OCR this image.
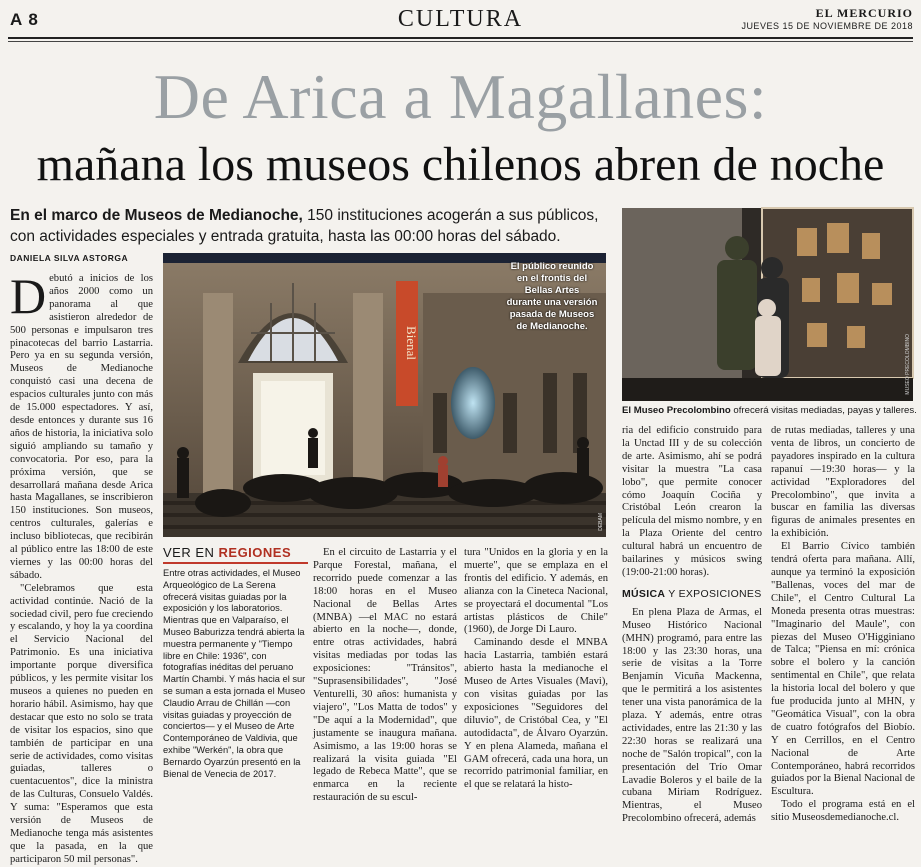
A 8	CULTURA	EL MERCURIO
JUEVES 15 DE NOVIEMBRE DE 2018
De Arica a Magallanes:
mañana los museos chilenos abren de noche
En el marco de Museos de Medianoche, 150 instituciones acogerán a sus públicos, con actividades especiales y entrada gratuita, hasta las 00:00 horas del sábado.
DANIELA SILVA ASTORGA

Debutó a inicios de los años 2000 como un panorama al que asistieron alrededor de 500 personas e impulsaron tres pinacotecas del barrio Lastarria. Pero ya en su segunda versión, Museos de Medianoche conquistó casi una decena de espacios culturales junto con más de 15.000 espectadores. Y así, desde entonces y durante sus 16 años de historia, la iniciativa solo siguió ampliando su tamaño y convocatoria. Por eso, para la próxima versión, que se desarrollará mañana desde Arica hasta Magallanes, se inscribieron 150 instituciones. Son museos, centros culturales, galerías e incluso bibliotecas, que recibirán al público entre las 18:00 de este viernes y las 00:00 horas del sábado.

"Celebramos que esta actividad continúe. Nació de la sociedad civil, pero fue creciendo y escalando, y hoy la ya coordina el Servicio Nacional del Patrimonio. Es una iniciativa importante porque diversifica públicos, y les permite visitar los museos a quienes no pueden en horario hábil. Asimismo, hay que destacar que esto no solo se trata de visitar los espacios, sino que también de participar en una serie de actividades, como visitas guiadas, talleres o cuentacuentos", dice la ministra de las Culturas, Consuelo Valdés. Y suma: "Esperamos que esta versión de Museos de Medianoche tenga más asistentes que la pasada, en la que participaron 50 mil personas".

Bienal
El público reunido en el frontis del Bellas Artes durante una versión pasada de Museos de Medianoche.
DEBAM
VER EN REGIONES
Entre otras actividades, el Museo Arqueológico de La Serena ofrecerá visitas guiadas por la exposición y los laboratorios. Mientras que en Valparaíso, el Museo Baburizza tendrá abierta la muestra permanente y "Tiempo libre en Chile: 1936", con fotografías inéditas del peruano Martín Chambi. Y más hacia el sur se suman a esta jornada el Museo Claudio Arrau de Chillán —con visitas guiadas y proyección de conciertos— y el Museo de Arte Contemporáneo de Valdivia, que exhibe "Werkén", la obra que Bernardo Oyarzún presentó en la Bienal de Venecia de 2017.

En el circuito de Lastarria y el Parque Forestal, mañana, el recorrido puede comenzar a las 18:00 horas en el Museo Nacional de Bellas Artes (MNBA) —el MAC no estará abierto en la noche—, donde, entre otras actividades, habrá visitas mediadas por todas las exposiciones: "Tránsitos", "Suprasensibilidades", "José Venturelli, 30 años: humanista y viajero", "Los Matta de todos" y "De aquí a la Modernidad", que justamente se inaugura mañana. Asimismo, a las 19:00 horas se realizará la visita guiada "El legado de Rebeca Matte", que se enmarca en la reciente restauración de su escul-

tura "Unidos en la gloria y en la muerte", que se emplaza en el frontis del edificio. Y además, en alianza con la Cineteca Nacional, se proyectará el documental "Los artistas plásticos de Chile" (1960), de Jorge Di Lauro.

Caminando desde el MNBA hacia Lastarria, también estará abierto hasta la medianoche el Museo de Artes Visuales (Mavi), con visitas guiadas por las exposiciones "Seguidores del diluvio", de Cristóbal Cea, y "El autodidacta", de Álvaro Oyarzún. Y en plena Alameda, mañana el GAM ofrecerá, cada una hora, un recorrido patrimonial familiar, en el que se relatará la histo-

MUSEO PRECOLOMBINO
El Museo Precolombino ofrecerá visitas mediadas, payas y talleres.

ria del edificio construido para la Unctad III y de su colección de arte. Asimismo, ahí se podrá visitar la muestra "La casa lobo", que permite conocer cómo Joaquín Cociña y Cristóbal León crearon la película del mismo nombre, y en la Plaza Oriente del centro cultural habrá un encuentro de bailarines y músicos swing (19:00-21:00 horas).

MÚSICA Y EXPOSICIONES

En plena Plaza de Armas, el Museo Histórico Nacional (MHN) programó, para entre las 18:00 y las 23:30 horas, una serie de visitas a la Torre Benjamín Vicuña Mackenna, que le permitirá a los asistentes tener una vista panorámica de la plaza. Y además, entre otras actividades, entre las 21:30 y las 22:30 horas se realizará una noche de "Salón tropical", con la presentación del Trío Omar Lavadie Boleros y el baile de la cubana Miriam Rodríguez. Mientras, el Museo Precolombino ofrecerá, además

de rutas mediadas, talleres y una venta de libros, un concierto de payadores inspirado en la cultura rapanuí —19:30 horas— y la actividad "Exploradores del Precolombino", que invita a buscar en familia las diversas figuras de animales presentes en la exhibición.

El Barrio Cívico también tendrá oferta para mañana. Allí, aunque ya terminó la exposición "Ballenas, voces del mar de Chile", el Centro Cultural La Moneda presenta otras muestras: "Imaginario del Maule", con piezas del Museo O'Higginiano de Talca; "Piensa en mí: crónica sobre el bolero y la canción sentimental en Chile", que relata la historia local del bolero y que fue producida junto al MHN, y "Geomática Visual", con la obra de cuatro fotógrafos del Biobío. Y en Cerrillos, en el Centro Nacional de Arte Contemporáneo, habrá recorridos guiados por la Bienal Nacional de Escultura.

Todo el programa está en el sitio Museosdemedianoche.cl.
